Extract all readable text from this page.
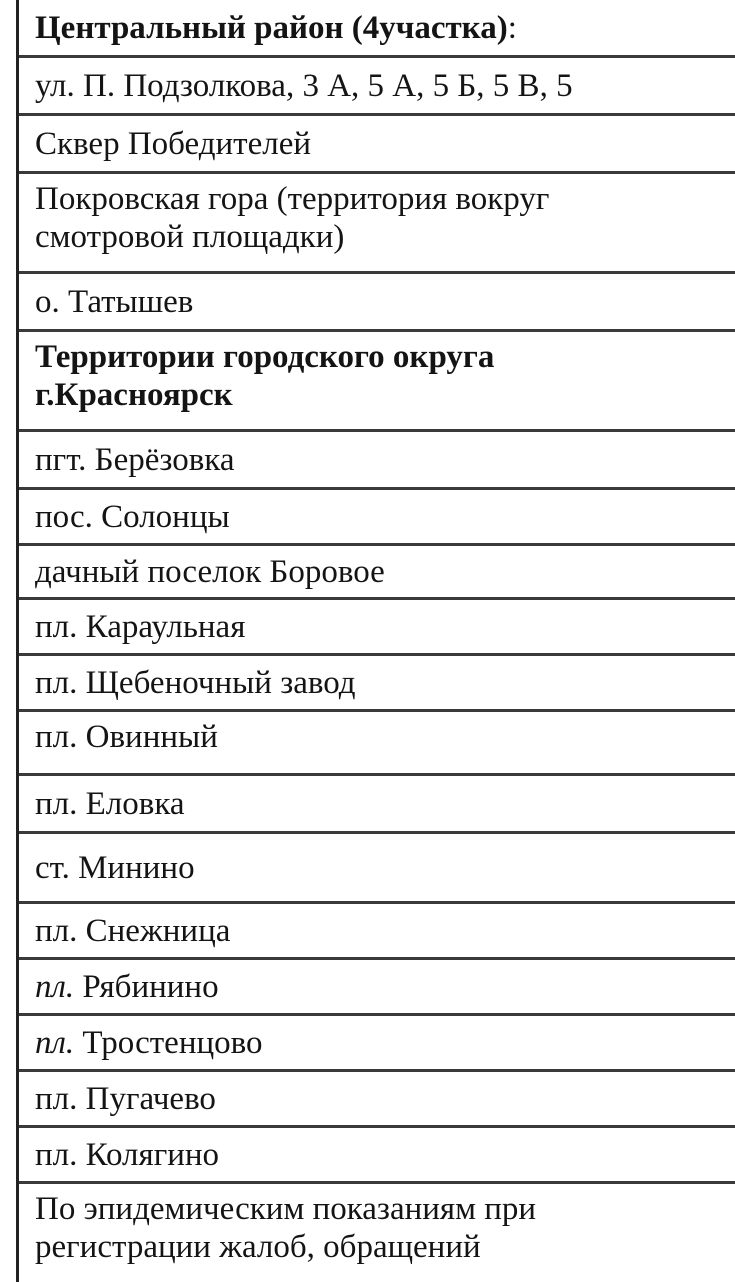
Центральный район (4участка):
ул. П. Подзолкова, 3 А, 5 А, 5 Б, 5 В, 5
Сквер Победителей
Покровская гора (территория вокруг
смотровой площадки)
о. Татышев
Территории городского округа
г.Красноярск
пгт. Берёзовка
пос. Солонцы
дачный поселок Боровое
пл. Караульная
пл. Щебеночный завод
пл. Овинный
пл. Еловка
ст. Минино
пл. Снежница
пл. Рябинино
пл. Тростенцово
пл. Пугачево
пл. Колягино
По эпидемическим показаниям при
регистрации жалоб, обращений
